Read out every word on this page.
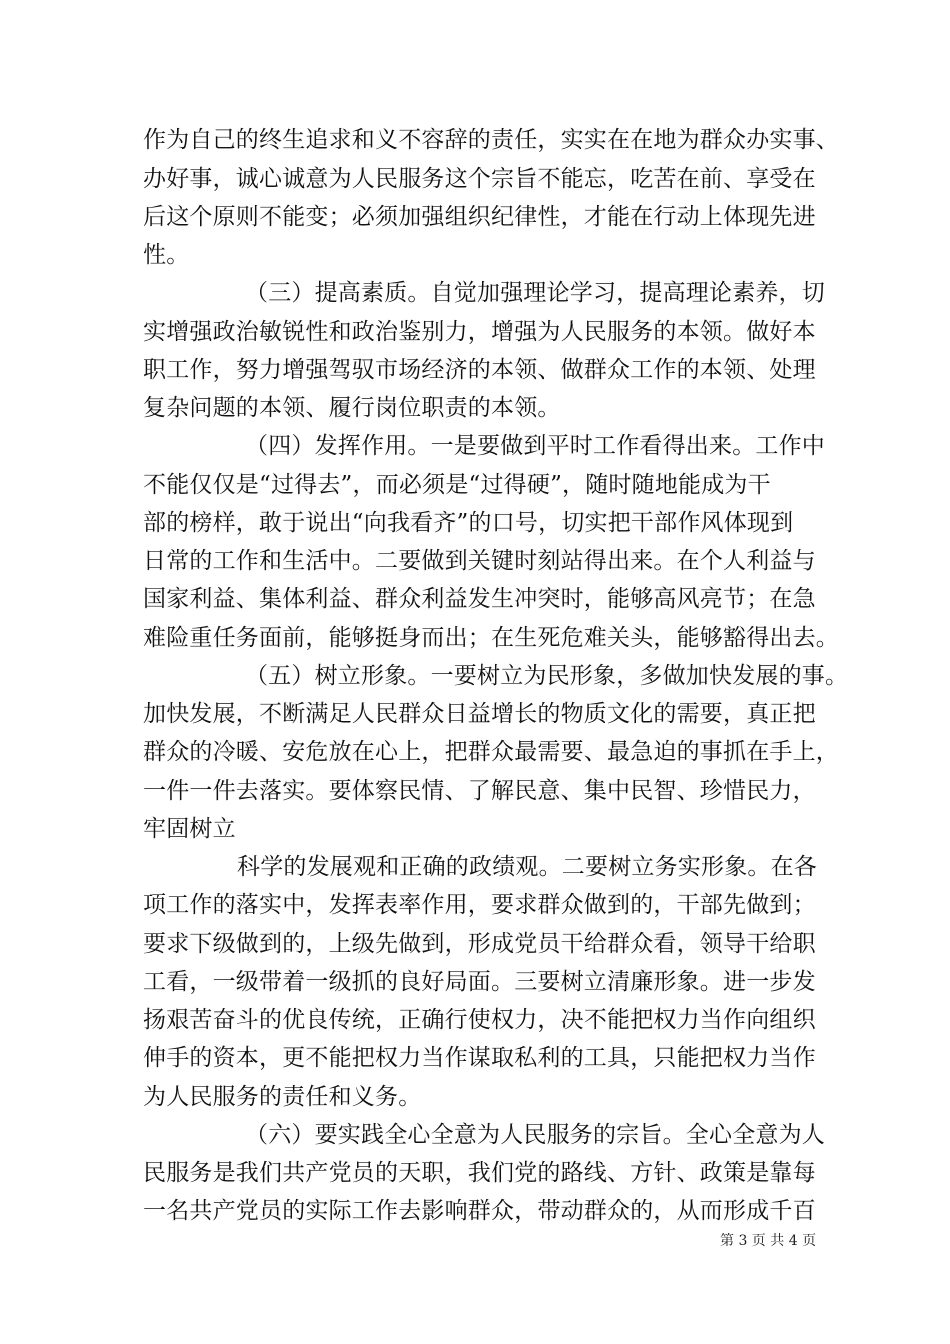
作为自己的终生追求和义不容辞的责任，实实在在地为群众办实事、
办好事，诚心诚意为人民服务这个宗旨不能忘，吃苦在前、享受在
后这个原则不能变；必须加强组织纪律性，才能在行动上体现先进
性。
（三）提高素质。自觉加强理论学习，提高理论素养，切
实增强政治敏锐性和政治鉴别力，增强为人民服务的本领。做好本
职工作，努力增强驾驭市场经济的本领、做群众工作的本领、处理
复杂问题的本领、履行岗位职责的本领。
（四）发挥作用。一是要做到平时工作看得出来。工作中
不能仅仅是“过得去”，而必须是“过得硬”，随时随地能成为干
部的榜样，敢于说出“向我看齐”的口号，切实把干部作风体现到
日常的工作和生活中。二要做到关键时刻站得出来。在个人利益与
国家利益、集体利益、群众利益发生冲突时，能够高风亮节；在急
难险重任务面前，能够挺身而出；在生死危难关头，能够豁得出去。
（五）树立形象。一要树立为民形象，多做加快发展的事。
加快发展，不断满足人民群众日益增长的物质文化的需要，真正把
群众的冷暖、安危放在心上，把群众最需要、最急迫的事抓在手上，
一件一件去落实。要体察民情、了解民意、集中民智、珍惜民力，
牢固树立
科学的发展观和正确的政绩观。二要树立务实形象。在各
项工作的落实中，发挥表率作用，要求群众做到的，干部先做到；
要求下级做到的，上级先做到，形成党员干给群众看，领导干给职
工看，一级带着一级抓的良好局面。三要树立清廉形象。进一步发
扬艰苦奋斗的优良传统，正确行使权力，决不能把权力当作向组织
伸手的资本，更不能把权力当作谋取私利的工具，只能把权力当作
为人民服务的责任和义务。
（六）要实践全心全意为人民服务的宗旨。全心全意为人
民服务是我们共产党员的天职，我们党的路线、方针、政策是靠每
一名共产党员的实际工作去影响群众，带动群众的，从而形成千百
第 3 页 共 4 页
